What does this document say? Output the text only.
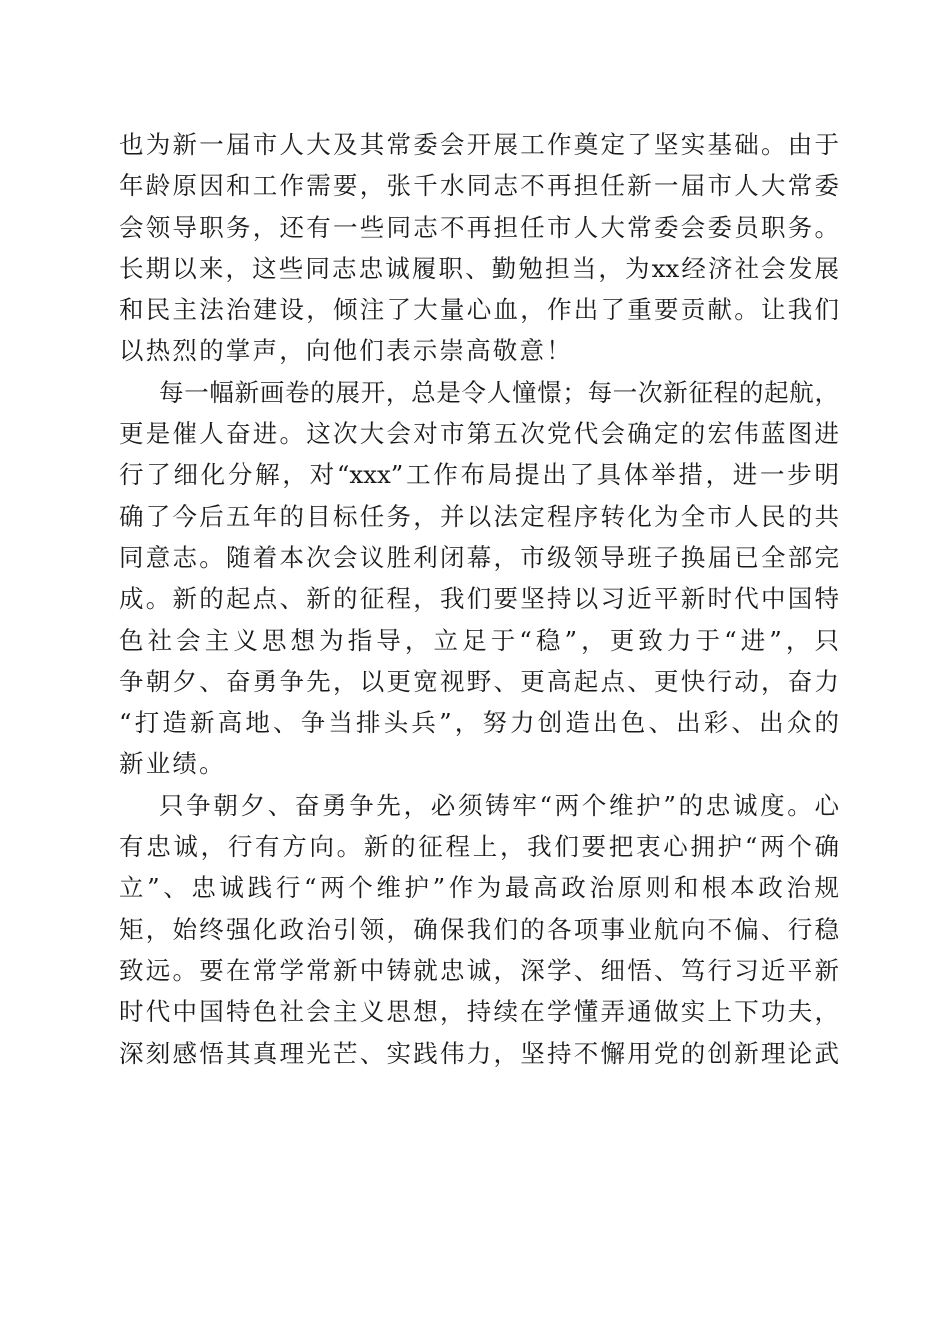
也为新一届市人大及其常委会开展工作奠定了坚实基础。由于
年龄原因和工作需要，张千水同志不再担任新一届市人大常委
会领导职务，还有一些同志不再担任市人大常委会委员职务。
长期以来，这些同志忠诚履职、勤勉担当，为xx经济社会发展
和民主法治建设，倾注了大量心血，作出了重要贡献。让我们
以热烈的掌声，向他们表示崇高敬意！
每一幅新画卷的展开，总是令人憧憬；每一次新征程的起航，
更是催人奋进。这次大会对市第五次党代会确定的宏伟蓝图进
行了细化分解，对“xxx”工作布局提出了具体举措，进一步明
确了今后五年的目标任务，并以法定程序转化为全市人民的共
同意志。随着本次会议胜利闭幕，市级领导班子换届已全部完
成。新的起点、新的征程，我们要坚持以习近平新时代中国特
色社会主义思想为指导，立足于“稳”，更致力于“进”，只
争朝夕、奋勇争先，以更宽视野、更高起点、更快行动，奋力
“打造新高地、争当排头兵”，努力创造出色、出彩、出众的
新业绩。
只争朝夕、奋勇争先，必须铸牢“两个维护”的忠诚度。心
有忠诚，行有方向。新的征程上，我们要把衷心拥护“两个确
立”、忠诚践行“两个维护”作为最高政治原则和根本政治规
矩，始终强化政治引领，确保我们的各项事业航向不偏、行稳
致远。要在常学常新中铸就忠诚，深学、细悟、笃行习近平新
时代中国特色社会主义思想，持续在学懂弄通做实上下功夫，
深刻感悟其真理光芒、实践伟力，坚持不懈用党的创新理论武
